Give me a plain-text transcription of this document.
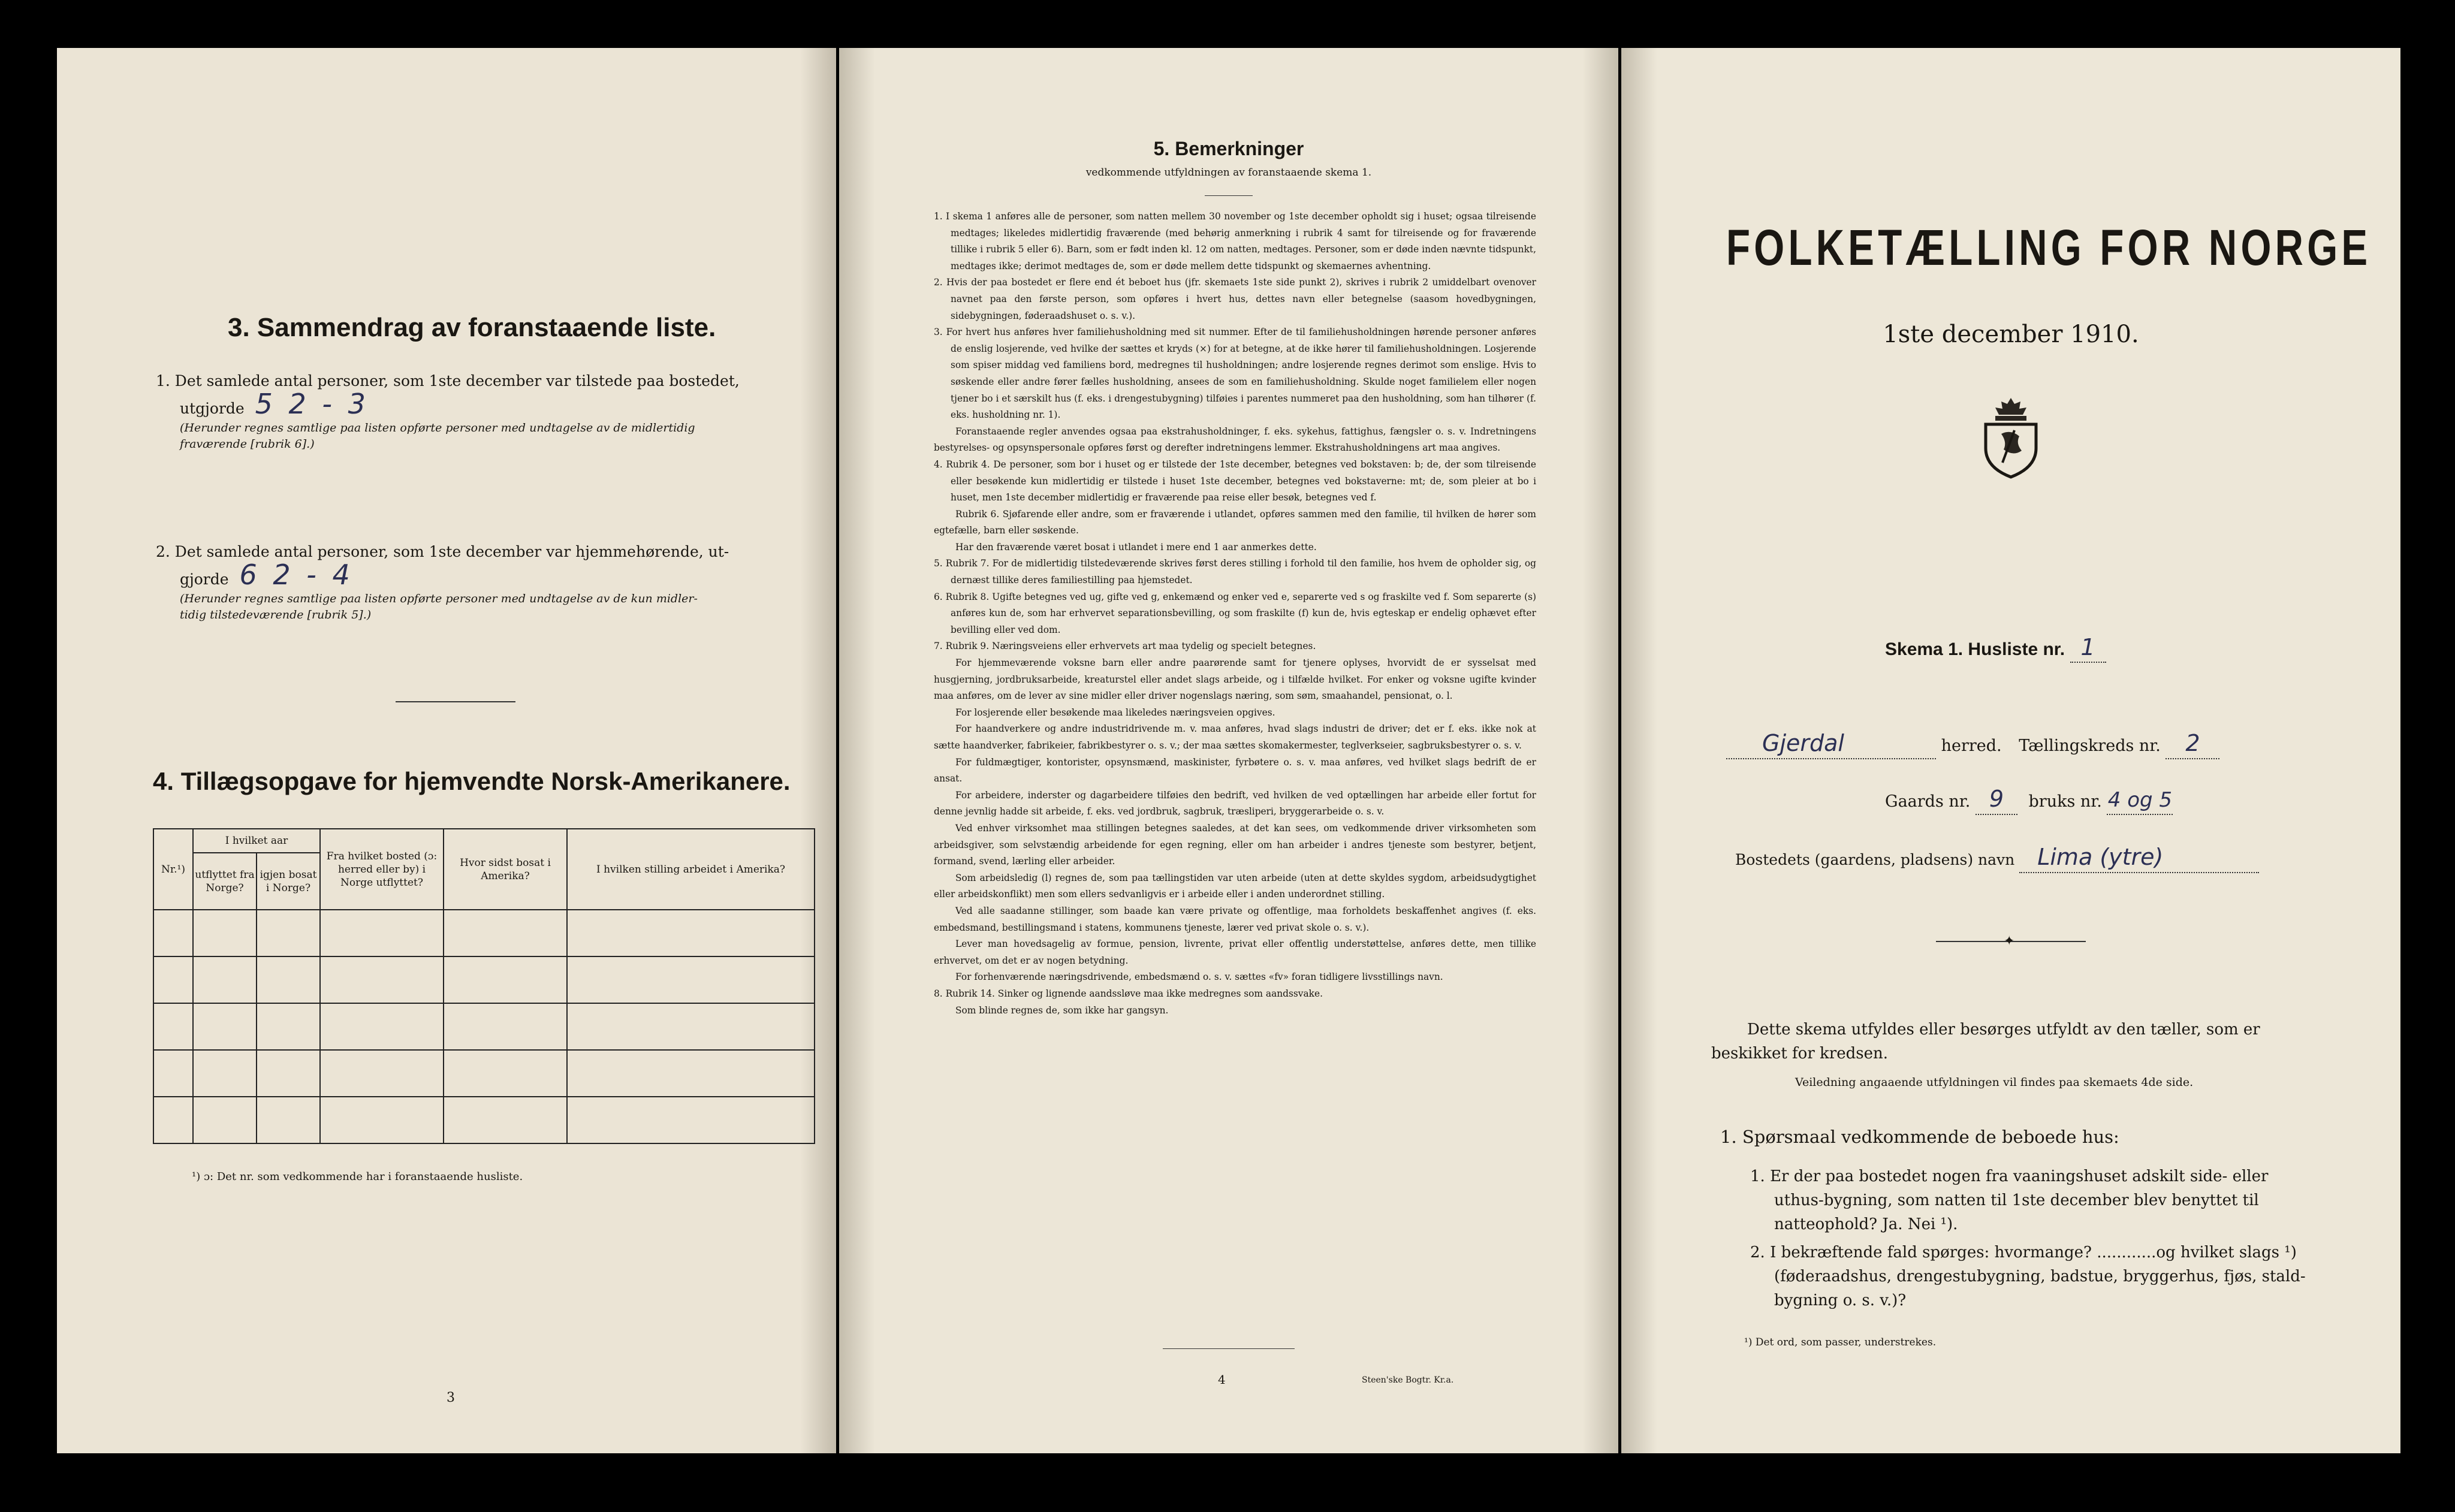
3. Sammendrag av foranstaaende liste.
1. Det samlede antal personer, som 1ste december var tilstede paa bostedet,
utgjorde 5 2 - 3
(Herunder regnes samtlige paa listen opførte personer med undtagelse av de midlertidig
fraværende [rubrik 6].)
2. Det samlede antal personer, som 1ste december var hjemmehørende, ut-
gjorde 6 2 - 4
(Herunder regnes samtlige paa listen opførte personer med undtagelse av de kun midler-
tidig tilstedeværende [rubrik 5].)
4. Tillægsopgave for hjemvendte Norsk-Amerikanere.
Nr.¹)	I hvilket aar		Fra hvilket bosted (ɔ: herred eller by) i Norge utflyttet?	Hvor sidst bosat i Amerika?	I hvilken stilling arbeidet i Amerika?
	utflyttet fra Norge?	igjen bosat i Norge?			

¹) ɔ: Det nr. som vedkommende har i foranstaaende husliste.
3
5. Bemerkninger
vedkommende utfyldningen av foranstaaende skema 1.

1. I skema 1 anføres alle de personer, som natten mellem 30 november og 1ste december opholdt sig i huset; ogsaa tilreisende medtages; likeledes midlertidig fraværende (med behørig anmerkning i rubrik 4 samt for tilreisende og for fraværende tillike i rubrik 5 eller 6). Barn, som er født inden kl. 12 om natten, medtages. Personer, som er døde inden nævnte tidspunkt, medtages ikke; derimot medtages de, som er døde mellem dette tidspunkt og skemaernes avhentning.

2. Hvis der paa bostedet er flere end ét beboet hus (jfr. skemaets 1ste side punkt 2), skrives i rubrik 2 umiddelbart ovenover navnet paa den første person, som opføres i hvert hus, dettes navn eller betegnelse (saasom hovedbygningen, sidebygningen, føderaadshuset o. s. v.).

3. For hvert hus anføres hver familiehusholdning med sit nummer. Efter de til familiehusholdningen hørende personer anføres de enslig losjerende, ved hvilke der sættes et kryds (×) for at betegne, at de ikke hører til familiehusholdningen. Losjerende som spiser middag ved familiens bord, medregnes til husholdningen; andre losjerende regnes derimot som enslige. Hvis to søskende eller andre fører fælles husholdning, ansees de som en familiehusholdning. Skulde noget familielem eller nogen tjener bo i et særskilt hus (f. eks. i drengestubygning) tilføies i parentes nummeret paa den husholdning, som han tilhører (f. eks. husholdning nr. 1).

Foranstaaende regler anvendes ogsaa paa ekstrahusholdninger, f. eks. sykehus, fattighus, fængsler o. s. v. Indretningens bestyrelses- og opsynspersonale opføres først og derefter indretningens lemmer. Ekstrahusholdningens art maa angives.

4. Rubrik 4. De personer, som bor i huset og er tilstede der 1ste december, betegnes ved bokstaven: b; de, der som tilreisende eller besøkende kun midlertidig er tilstede i huset 1ste december, betegnes ved bokstaverne: mt; de, som pleier at bo i huset, men 1ste december midlertidig er fraværende paa reise eller besøk, betegnes ved f.

Rubrik 6. Sjøfarende eller andre, som er fraværende i utlandet, opføres sammen med den familie, til hvilken de hører som egtefælle, barn eller søskende.

Har den fraværende været bosat i utlandet i mere end 1 aar anmerkes dette.

5. Rubrik 7. For de midlertidig tilstedeværende skrives først deres stilling i forhold til den familie, hos hvem de opholder sig, og dernæst tillike deres familiestilling paa hjemstedet.

6. Rubrik 8. Ugifte betegnes ved ug, gifte ved g, enkemænd og enker ved e, separerte ved s og fraskilte ved f. Som separerte (s) anføres kun de, som har erhvervet separationsbevilling, og som fraskilte (f) kun de, hvis egteskap er endelig ophævet efter bevilling eller ved dom.

7. Rubrik 9. Næringsveiens eller erhvervets art maa tydelig og specielt betegnes.

For hjemmeværende voksne barn eller andre paarørende samt for tjenere oplyses, hvorvidt de er sysselsat med husgjerning, jordbruksarbeide, kreaturstel eller andet slags arbeide, og i tilfælde hvilket. For enker og voksne ugifte kvinder maa anføres, om de lever av sine midler eller driver nogenslags næring, som søm, smaahandel, pensionat, o. l.

For losjerende eller besøkende maa likeledes næringsveien opgives.

For haandverkere og andre industridrivende m. v. maa anføres, hvad slags industri de driver; det er f. eks. ikke nok at sætte haandverker, fabrikeier, fabrikbestyrer o. s. v.; der maa sættes skomakermester, teglverkseier, sagbruksbestyrer o. s. v.

For fuldmægtiger, kontorister, opsynsmænd, maskinister, fyrbøtere o. s. v. maa anføres, ved hvilket slags bedrift de er ansat.

For arbeidere, inderster og dagarbeidere tilføies den bedrift, ved hvilken de ved optællingen har arbeide eller fortut for denne jevnlig hadde sit arbeide, f. eks. ved jordbruk, sagbruk, træsliperi, bryggerarbeide o. s. v.

Ved enhver virksomhet maa stillingen betegnes saaledes, at det kan sees, om vedkommende driver virksomheten som arbeidsgiver, som selvstændig arbeidende for egen regning, eller om han arbeider i andres tjeneste som bestyrer, betjent, formand, svend, lærling eller arbeider.

Som arbeidsledig (l) regnes de, som paa tællingstiden var uten arbeide (uten at dette skyldes sygdom, arbeidsudygtighet eller arbeidskonflikt) men som ellers sedvanligvis er i arbeide eller i anden underordnet stilling.

Ved alle saadanne stillinger, som baade kan være private og offentlige, maa forholdets beskaffenhet angives (f. eks. embedsmand, bestillingsmand i statens, kommunens tjeneste, lærer ved privat skole o. s. v.).

Lever man hovedsagelig av formue, pension, livrente, privat eller offentlig understøttelse, anføres dette, men tillike erhvervet, om det er av nogen betydning.

For forhenværende næringsdrivende, embedsmænd o. s. v. sættes «fv» foran tidligere livsstillings navn.

8. Rubrik 14. Sinker og lignende aandssløve maa ikke medregnes som aandssvake.

Som blinde regnes de, som ikke har gangsyn.

4	Steen'ske Bogtr. Kr.a.
FOLKETÆLLING FOR NORGE
1ste december 1910.
Skema 1. Husliste nr. 1
Gjerdal	herred. Tællingskreds nr. 2
Gaards nr. 9 bruks nr. 4 og 5
Bostedets (gaardens, pladsens) navn Lima (ytre)
✦
Dette skema utfyldes eller besørges utfyldt av den tæller, som er
beskikket for kredsen.
Veiledning angaaende utfyldningen vil findes paa skemaets 4de side.
1. Spørsmaal vedkommende de beboede hus:
1. Er der paa bostedet nogen fra vaaningshuset adskilt side- eller
uthus-bygning, som natten til 1ste december blev benyttet til
natteophold? Ja. Nei ¹).
2. I bekræftende fald spørges: hvormange? ............og hvilket slags ¹)
(føderaadshus, drengestubygning, badstue, bryggerhus, fjøs, stald-
bygning o. s. v.)?
¹) Det ord, som passer, understrekes.
